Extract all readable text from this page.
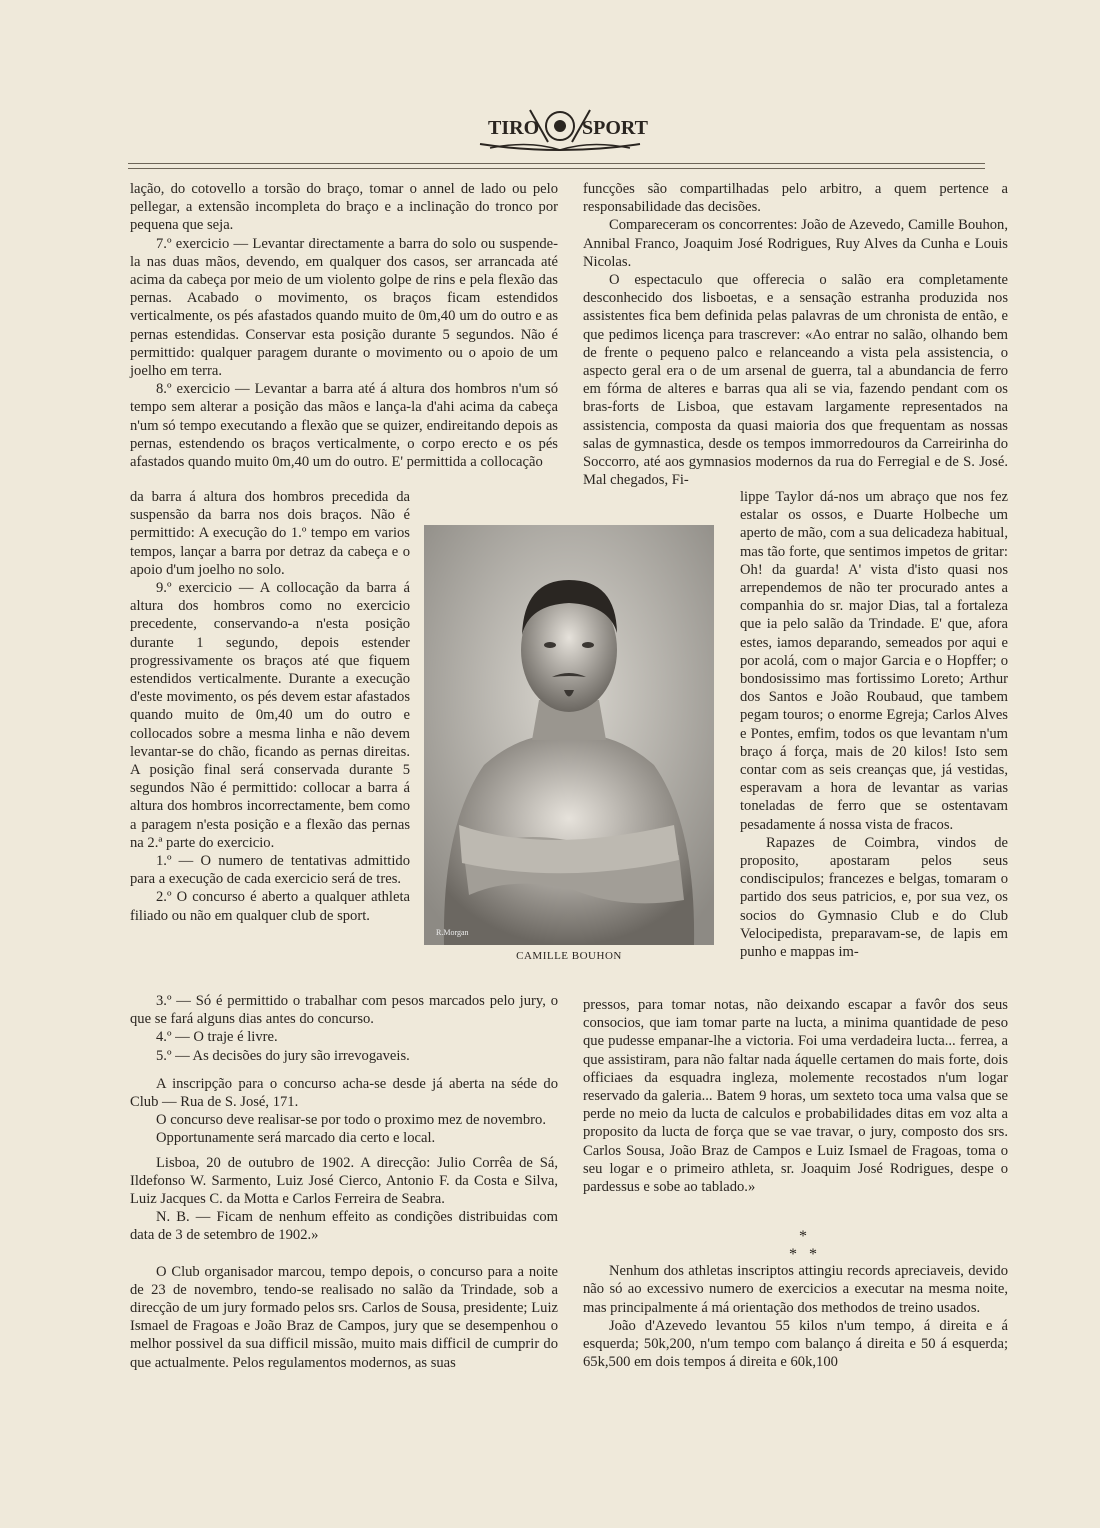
TIRO SPORT

lação, do cotovello a torsão do braço, tomar o annel de lado ou pelo pellegar, a extensão incompleta do braço e a inclinação do tronco por pequena que seja.

7.º exercicio — Levantar directamente a barra do solo ou suspende-la nas duas mãos, devendo, em qualquer dos casos, ser arrancada até acima da cabeça por meio de um violento golpe de rins e pela flexão das pernas. Acabado o movimento, os braços ficam estendidos verticalmente, os pés afastados quando muito de 0m,40 um do outro e as pernas estendidas. Conservar esta posição durante 5 segundos. Não é permittido: qualquer paragem durante o movimento ou o apoio de um joelho em terra.

8.º exercicio — Levantar a barra até á altura dos hombros n'um só tempo sem alterar a posição das mãos e lança-la d'ahi acima da cabeça n'um só tempo executando a flexão que se quizer, endireitando depois as pernas, estendendo os braços verticalmente, o corpo erecto e os pés afastados quando muito 0m,40 um do outro. E' permittida a collocação

da barra á altura dos hombros precedida da suspensão da barra nos dois braços. Não é permittido: A execução do 1.º tempo em varios tempos, lançar a barra por detraz da cabeça e o apoio d'um joelho no solo.

9.º exercicio — A collocação da barra á altura dos hombros como no exercicio precedente, conservando-a n'esta posição durante 1 segundo, depois estender progressivamente os braços até que fiquem estendidos verticalmente. Durante a execução d'este movimento, os pés devem estar afastados quando muito de 0m,40 um do outro e collocados sobre a mesma linha e não devem levantar-se do chão, ficando as pernas direitas. A posição final será conservada durante 5 segundos Não é permittido: collocar a barra á altura dos hombros incorrectamente, bem como a paragem n'esta posição e a flexão das pernas na 2.ª parte do exercicio.

1.º — O numero de tentativas admittido para a execução de cada exercicio será de tres.

2.º O concurso é aberto a qualquer athleta filiado ou não em qualquer club de sport.

3.º — Só é permittido o trabalhar com pesos marcados pelo jury, o que se fará alguns dias antes do concurso.

4.º — O traje é livre.

5.º — As decisões do jury são irrevogaveis.

A inscripção para o concurso acha-se desde já aberta na séde do Club — Rua de S. José, 171.

O concurso deve realisar-se por todo o proximo mez de novembro.

Opportunamente será marcado dia certo e local.

Lisboa, 20 de outubro de 1902. A direcção: Julio Corrêa de Sá, Ildefonso W. Sarmento, Luiz José Cierco, Antonio F. da Costa e Silva, Luiz Jacques C. da Motta e Carlos Ferreira de Seabra.

N. B. — Ficam de nenhum effeito as condições distribuidas com data de 3 de setembro de 1902.»

O Club organisador marcou, tempo depois, o concurso para a noite de 23 de novembro, tendo-se realisado no salão da Trindade, sob a direcção de um jury formado pelos srs. Carlos de Sousa, presidente; Luiz Ismael de Fragoas e João Braz de Campos, jury que se desempenhou o melhor possivel da sua difficil missão, muito mais difficil de cumprir do que actualmente. Pelos regulamentos modernos, as suas

funcções são compartilhadas pelo arbitro, a quem pertence a responsabilidade das decisões.

Compareceram os concorrentes: João de Azevedo, Camille Bouhon, Annibal Franco, Joaquim José Rodrigues, Ruy Alves da Cunha e Louis Nicolas.

O espectaculo que offerecia o salão era completamente desconhecido dos lisboetas, e a sensação estranha produzida nos assistentes fica bem definida pelas palavras de um chronista de então, e que pedimos licença para trascrever: «Ao entrar no salão, olhando bem de frente o pequeno palco e relanceando a vista pela assistencia, o aspecto geral era o de um arsenal de guerra, tal a abundancia de ferro em fórma de alteres e barras qua ali se via, fazendo pendant com os bras-forts de Lisboa, que estavam largamente representados na assistencia, composta da quasi maioria dos que frequentam as nossas salas de gymnastica, desde os tempos immorredouros da Carreirinha do Soccorro, até aos gymnasios modernos da rua do Ferregial e de S. José. Mal chegados, Fi-

lippe Taylor dá-nos um abraço que nos fez estalar os ossos, e Duarte Holbeche um aperto de mão, com a sua delicadeza habitual, mas tão forte, que sentimos impetos de gritar: Oh! da guarda! A' vista d'isto quasi nos arrependemos de não ter procurado antes a companhia do sr. major Dias, tal a fortaleza que ia pelo salão da Trindade. E' que, afora estes, iamos deparando, semeados por aqui e por acolá, com o major Garcia e o Hopffer; o bondosissimo mas fortissimo Loreto; Arthur dos Santos e João Roubaud, que tambem pegam touros; o enorme Egreja; Carlos Alves e Pontes, emfim, todos os que levantam n'um braço á força, mais de 20 kilos! Isto sem contar com as seis creanças que, já vestidas, esperavam a hora de levantar as varias toneladas de ferro que se ostentavam pesadamente á nossa vista de fracos.

Rapazes de Coimbra, vindos de proposito, apostaram pelos seus condiscipulos; francezes e belgas, tomaram o partido dos seus patricios, e, por sua vez, os socios do Gymnasio Club e do Club Velocipedista, preparavam-se, de lapis em punho e mappas im-

pressos, para tomar notas, não deixando escapar a favôr dos seus consocios, que iam tomar parte na lucta, a minima quantidade de peso que pudesse empanar-lhe a victoria. Foi uma verdadeira lucta... ferrea, a que assistiram, para não faltar nada áquelle certamen do mais forte, dois officiaes da esquadra ingleza, molemente recostados n'um logar reservado da galeria... Batem 9 horas, um sexteto toca uma valsa que se perde no meio da lucta de calculos e probabilidades ditas em voz alta a proposito da lucta de força que se vae travar, o jury, composto dos srs. Carlos Sousa, João Braz de Campos e Luiz Ismael de Fragoas, toma o seu logar e o primeiro athleta, sr. Joaquim José Rodrigues, despe o pardessus e sobe ao tablado.»

Nenhum dos athletas inscriptos attingiu records apreciaveis, devido não só ao excessivo numero de exercicios a executar na mesma noite, mas principalmente á má orientação dos methodos de treino usados.

João d'Azevedo levantou 55 kilos n'um tempo, á direita e á esquerda; 50k,200, n'um tempo com balanço á direita e 50 á esquerda; 65k,500 em dois tempos á direita e 60k,100

R.Morgan
CAMILLE BOUHON
*
*   *
